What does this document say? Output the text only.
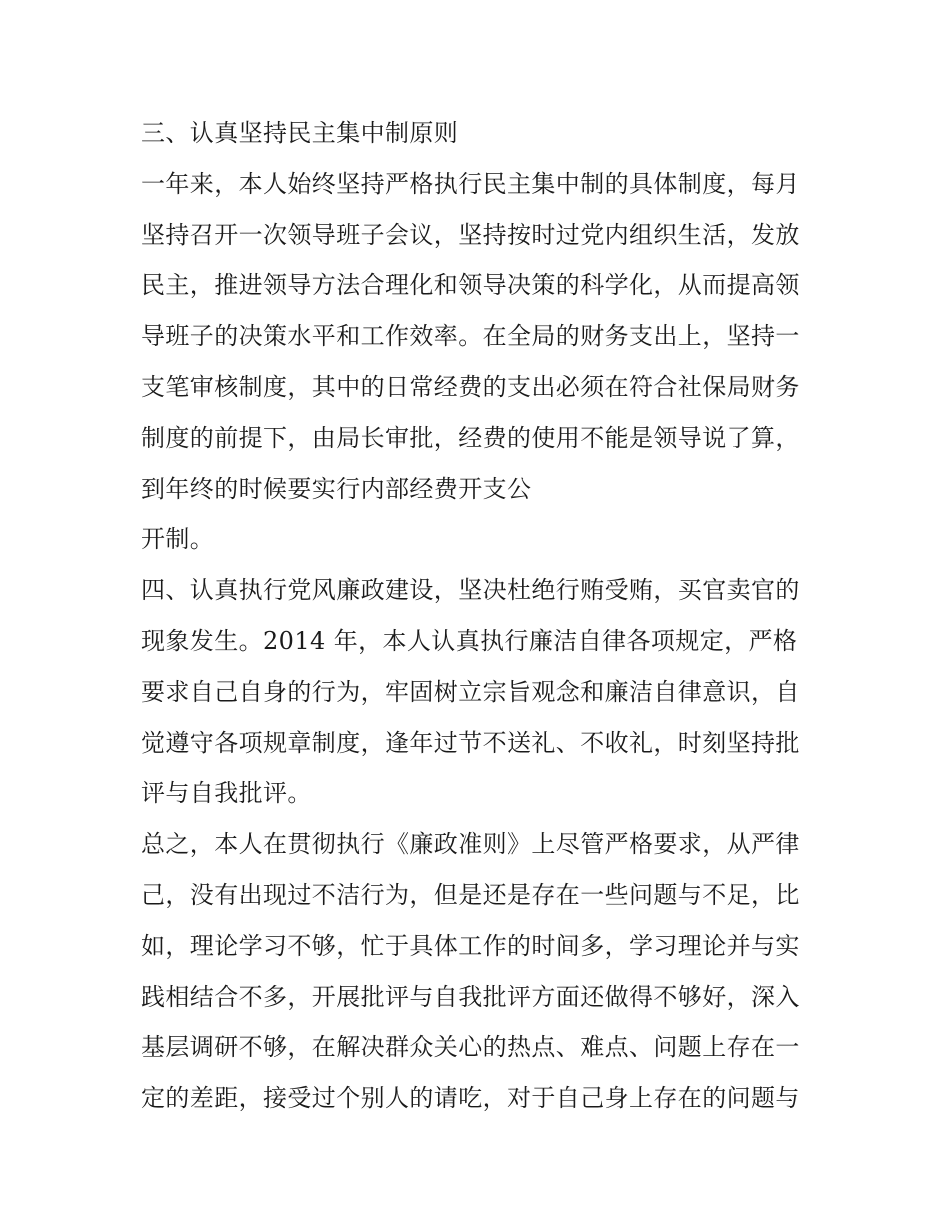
三、认真坚持民主集中制原则
一年来，本人始终坚持严格执行民主集中制的具体制度，每月
坚持召开一次领导班子会议，坚持按时过党内组织生活，发放
民主，推进领导方法合理化和领导决策的科学化，从而提高领
导班子的决策水平和工作效率。在全局的财务支出上，坚持一
支笔审核制度，其中的日常经费的支出必须在符合社保局财务
制度的前提下，由局长审批，经费的使用不能是领导说了算，
到年终的时候要实行内部经费开支公
开制。
四、认真执行党风廉政建设，坚决杜绝行贿受贿，买官卖官的
现象发生。2014 年，本人认真执行廉洁自律各项规定，严格
要求自己自身的行为，牢固树立宗旨观念和廉洁自律意识，自
觉遵守各项规章制度，逢年过节不送礼、不收礼，时刻坚持批
评与自我批评。
总之，本人在贯彻执行《廉政准则》上尽管严格要求，从严律
己，没有出现过不洁行为，但是还是存在一些问题与不足，比
如，理论学习不够，忙于具体工作的时间多，学习理论并与实
践相结合不多，开展批评与自我批评方面还做得不够好，深入
基层调研不够，在解决群众关心的热点、难点、问题上存在一
定的差距，接受过个别人的请吃，对于自己身上存在的问题与
